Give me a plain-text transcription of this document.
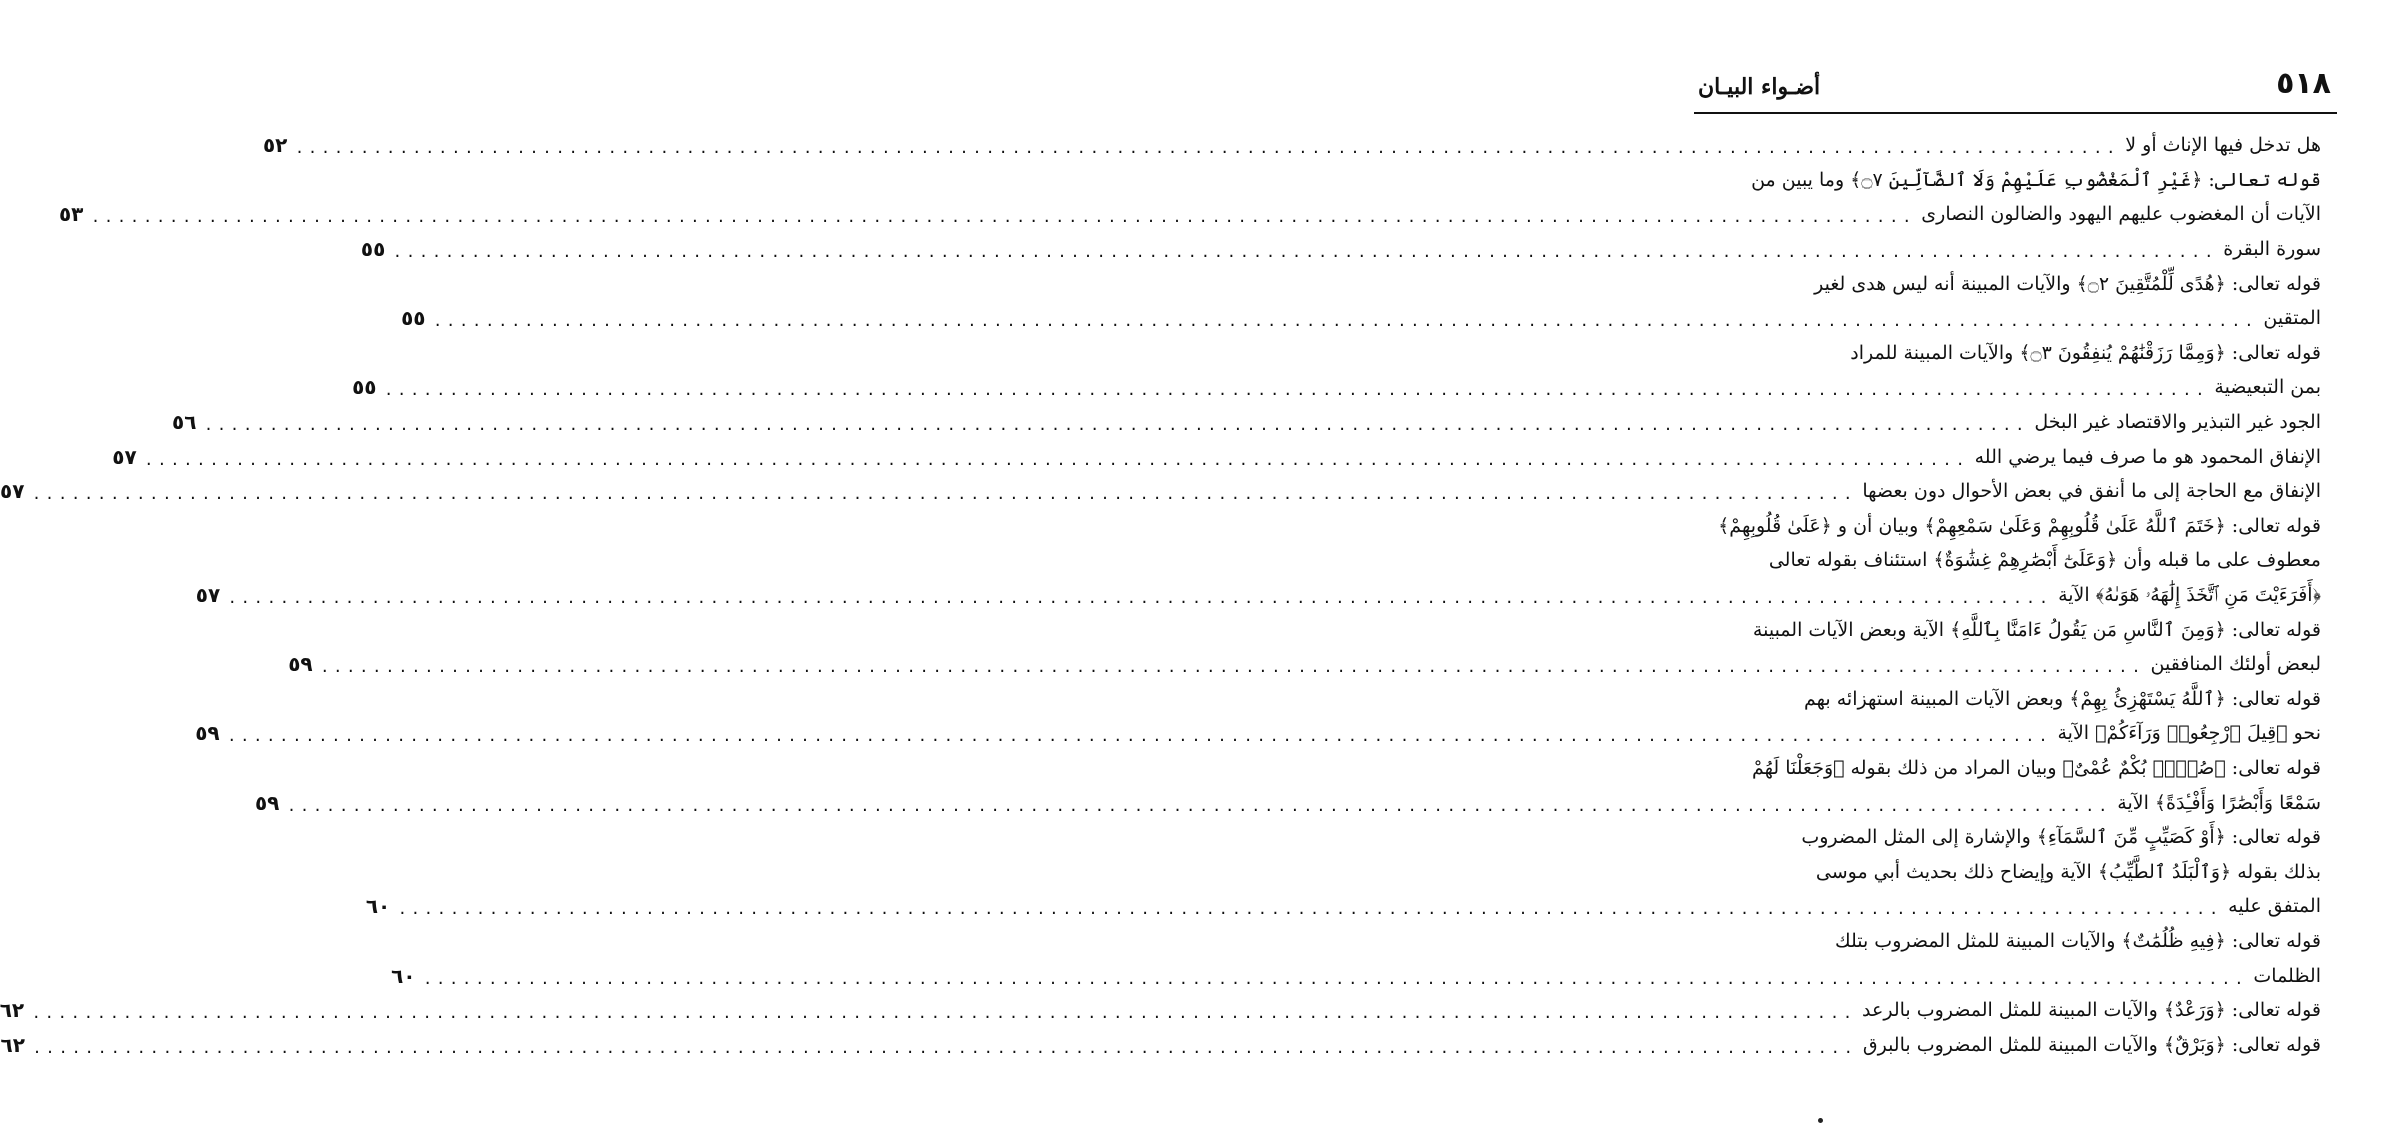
٥١٨
أضـواء البيـان
هل تدخل فيها الإناث أو لا
............................................................................................................................................
٥٢
قوله تعالى: ﴿غَيْرِ ٱلْمَغْضُوبِ عَلَيْهِمْ وَلَا ٱلضَّآلِّينَ ۝٧﴾ وما يبين من
الآيات أن المغضوب عليهم اليهود والضالون النصارى
............................................................................................................................................
٥٣
سورة البقرة
............................................................................................................................................
٥٥
قوله تعالى: ﴿هُدًى لِّلْمُتَّقِينَ ۝٢﴾ والآيات المبينة أنه ليس هدى لغير
المتقين
............................................................................................................................................
٥٥
قوله تعالى: ﴿وَمِمَّا رَزَقْنَٰهُمْ يُنفِقُونَ ۝٣﴾ والآيات المبينة للمراد
بمن التبعيضية
............................................................................................................................................
٥٥
الجود غير التبذير والاقتصاد غير البخل
............................................................................................................................................
٥٦
الإنفاق المحمود هو ما صرف فيما يرضي الله
............................................................................................................................................
٥٧
الإنفاق مع الحاجة إلى ما أنفق في بعض الأحوال دون بعضها
............................................................................................................................................
٥٧
قوله تعالى: ﴿خَتَمَ ٱللَّهُ عَلَىٰ قُلُوبِهِمْ وَعَلَىٰ سَمْعِهِمْ﴾ وبيان أن و ﴿عَلَىٰ قُلُوبِهِمْ﴾
معطوف على ما قبله وأن ﴿وَعَلَىٰٓ أَبْصَٰرِهِمْ غِشَٰوَةٌ﴾ استئناف بقوله تعالى
﴿أَفَرَءَيْتَ مَنِ ٱتَّخَذَ إِلَٰهَهُۥ هَوَىٰهُ﴾ الآية
............................................................................................................................................
٥٧
قوله تعالى: ﴿وَمِنَ ٱلنَّاسِ مَن يَقُولُ ءَامَنَّا بِٱللَّهِ﴾ الآية وبعض الآيات المبينة
لبعض أولئك المنافقين
............................................................................................................................................
٥٩
قوله تعالى: ﴿ٱللَّهُ يَسْتَهْزِئُ بِهِمْ﴾ وبعض الآيات المبينة استهزائه بهم
نحو ﴿قِيلَ ٱرْجِعُوا۟ وَرَآءَكُمْ﴾ الآية
............................................................................................................................................
٥٩
قوله تعالى: ﴿صُمٌّۢ بُكْمٌ عُمْىٌ﴾ وبيان المراد من ذلك بقوله ﴿وَجَعَلْنَا لَهُمْ
سَمْعًا وَأَبْصَٰرًا وَأَفْـِٔدَةً﴾ الآية
............................................................................................................................................
٥٩
قوله تعالى: ﴿أَوْ كَصَيِّبٍ مِّنَ ٱلسَّمَآءِ﴾ والإشارة إلى المثل المضروب
بذلك بقوله ﴿وَٱلْبَلَدُ ٱلطَّيِّبُ﴾ الآية وإيضاح ذلك بحديث أبي موسى
المتفق عليه
............................................................................................................................................
٦٠
قوله تعالى: ﴿فِيهِ ظُلُمَٰتٌ﴾ والآيات المبينة للمثل المضروب بتلك
الظلمات
............................................................................................................................................
٦٠
قوله تعالى: ﴿وَرَعْدٌ﴾ والآيات المبينة للمثل المضروب بالرعد
............................................................................................................................................
٦٢
قوله تعالى: ﴿وَبَرْقٌ﴾ والآيات المبينة للمثل المضروب بالبرق
............................................................................................................................................
٦٢
